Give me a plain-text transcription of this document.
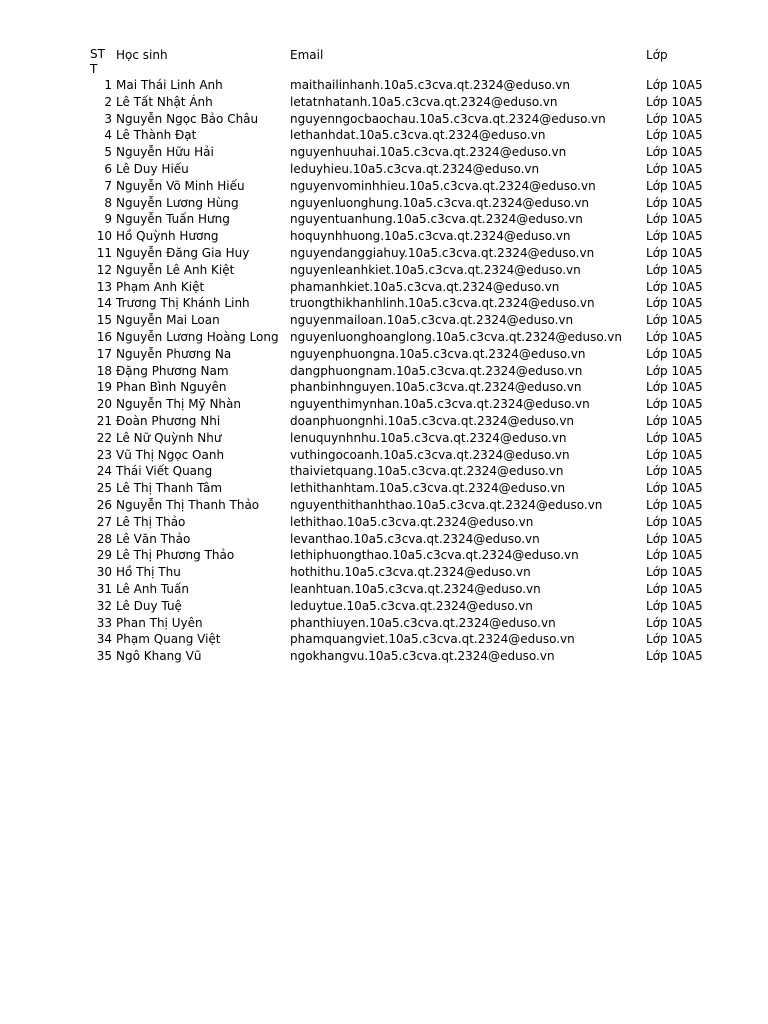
STT
Học sinh	Email	Lớp
1 Mai Thái Linh Anh	maithailinhanh.10a5.c3cva.qt.2324@eduso.vn	Lớp 10A5
2 Lê Tất Nhật Ánh	letatnhatanh.10a5.c3cva.qt.2324@eduso.vn	Lớp 10A5
3 Nguyễn Ngọc Bảo Châu	nguyenngocbaochau.10a5.c3cva.qt.2324@eduso.vn	Lớp 10A5
4 Lê Thành Đạt	lethanhdat.10a5.c3cva.qt.2324@eduso.vn	Lớp 10A5
5 Nguyễn Hữu Hải	nguyenhuuhai.10a5.c3cva.qt.2324@eduso.vn	Lớp 10A5
6 Lê Duy Hiếu	leduyhieu.10a5.c3cva.qt.2324@eduso.vn	Lớp 10A5
7 Nguyễn Võ Minh Hiếu	nguyenvominhhieu.10a5.c3cva.qt.2324@eduso.vn	Lớp 10A5
8 Nguyễn Lương Hùng	nguyenluonghung.10a5.c3cva.qt.2324@eduso.vn	Lớp 10A5
9 Nguyễn Tuấn Hưng	nguyentuanhung.10a5.c3cva.qt.2324@eduso.vn	Lớp 10A5
10 Hồ Quỳnh Hương	hoquynhhuong.10a5.c3cva.qt.2324@eduso.vn	Lớp 10A5
11 Nguyễn Đăng Gia Huy	nguyendanggiahuy.10a5.c3cva.qt.2324@eduso.vn	Lớp 10A5
12 Nguyễn Lê Anh Kiệt	nguyenleanhkiet.10a5.c3cva.qt.2324@eduso.vn	Lớp 10A5
13 Phạm Anh Kiệt	phamanhkiet.10a5.c3cva.qt.2324@eduso.vn	Lớp 10A5
14 Trương Thị Khánh Linh	truongthikhanhlinh.10a5.c3cva.qt.2324@eduso.vn	Lớp 10A5
15 Nguyễn Mai Loan	nguyenmailoan.10a5.c3cva.qt.2324@eduso.vn	Lớp 10A5
16 Nguyễn Lương Hoàng Long nguyenluonghoanglong.10a5.c3cva.qt.2324@eduso.vn Lớp 10A5
17 Nguyễn Phương Na	nguyenphuongna.10a5.c3cva.qt.2324@eduso.vn	Lớp 10A5
18 Đặng Phương Nam	dangphuongnam.10a5.c3cva.qt.2324@eduso.vn	Lớp 10A5
19 Phan Bình Nguyên	phanbinhnguyen.10a5.c3cva.qt.2324@eduso.vn	Lớp 10A5
20 Nguyễn Thị Mỹ Nhàn	nguyenthimynhan.10a5.c3cva.qt.2324@eduso.vn	Lớp 10A5
21 Đoàn Phương Nhi	doanphuongnhi.10a5.c3cva.qt.2324@eduso.vn	Lớp 10A5
22 Lê Nữ Quỳnh Như	lenuquynhnhu.10a5.c3cva.qt.2324@eduso.vn	Lớp 10A5
23 Vũ Thị Ngọc Oanh	vuthingocoanh.10a5.c3cva.qt.2324@eduso.vn	Lớp 10A5
24 Thái Viết Quang	thaivietquang.10a5.c3cva.qt.2324@eduso.vn	Lớp 10A5
25 Lê Thị Thanh Tâm	lethithanhtam.10a5.c3cva.qt.2324@eduso.vn	Lớp 10A5
26 Nguyễn Thị Thanh Thảo	nguyenthithanhthao.10a5.c3cva.qt.2324@eduso.vn	Lớp 10A5
27 Lê Thị Thảo	lethithao.10a5.c3cva.qt.2324@eduso.vn	Lớp 10A5
28 Lê Văn Thảo	levanthao.10a5.c3cva.qt.2324@eduso.vn	Lớp 10A5
29 Lê Thị Phương Thảo	lethiphuongthao.10a5.c3cva.qt.2324@eduso.vn	Lớp 10A5
30 Hồ Thị Thu	hothithu.10a5.c3cva.qt.2324@eduso.vn	Lớp 10A5
31 Lê Anh Tuấn	leanhtuan.10a5.c3cva.qt.2324@eduso.vn	Lớp 10A5
32 Lê Duy Tuệ	leduytue.10a5.c3cva.qt.2324@eduso.vn	Lớp 10A5
33 Phan Thị Uyên	phanthiuyen.10a5.c3cva.qt.2324@eduso.vn	Lớp 10A5
34 Phạm Quang Việt	phamquangviet.10a5.c3cva.qt.2324@eduso.vn	Lớp 10A5
35 Ngô Khang Vũ	ngokhangvu.10a5.c3cva.qt.2324@eduso.vn	Lớp 10A5
